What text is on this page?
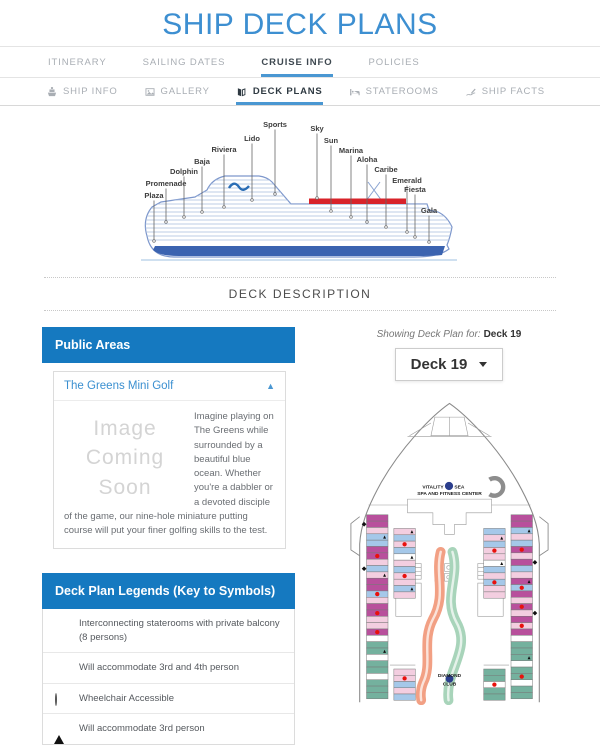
SHIP DECK PLANS
ITINERARY	SAILING DATES	CRUISE INFO	POLICIES
SHIP INFO	GALLERY	DECK PLANS	STATEROOMS	SHIP FACTS
Plaza
Promenade
Dolphin
Baja
Riviera
Lido
Sports	Sky
Sun
Marina
Aloha
Caribe
Emerald
Fiesta
Gala
DECK DESCRIPTION
Public Areas
The Greens Mini Golf	▲
Image
Coming
Soon

Imagine playing on The Greens while surrounded by a beautiful blue ocean. Whether you're a dabbler or a devoted disciple of the game, our nine-hole miniature putting course will put your finer golfing skills to the test.

Deck Plan Legends (Key to Symbols)
Interconnecting staterooms with private balcony (8 persons)
Will accommodate 3rd and 4th person
Wheelchair Accessible
Will accommodate 3rd person
Showing Deck Plan for: Deck 19
Deck 19
VITALITY SEA
SPA AND FITNESS CENTER
DIAMOND
CLUB
